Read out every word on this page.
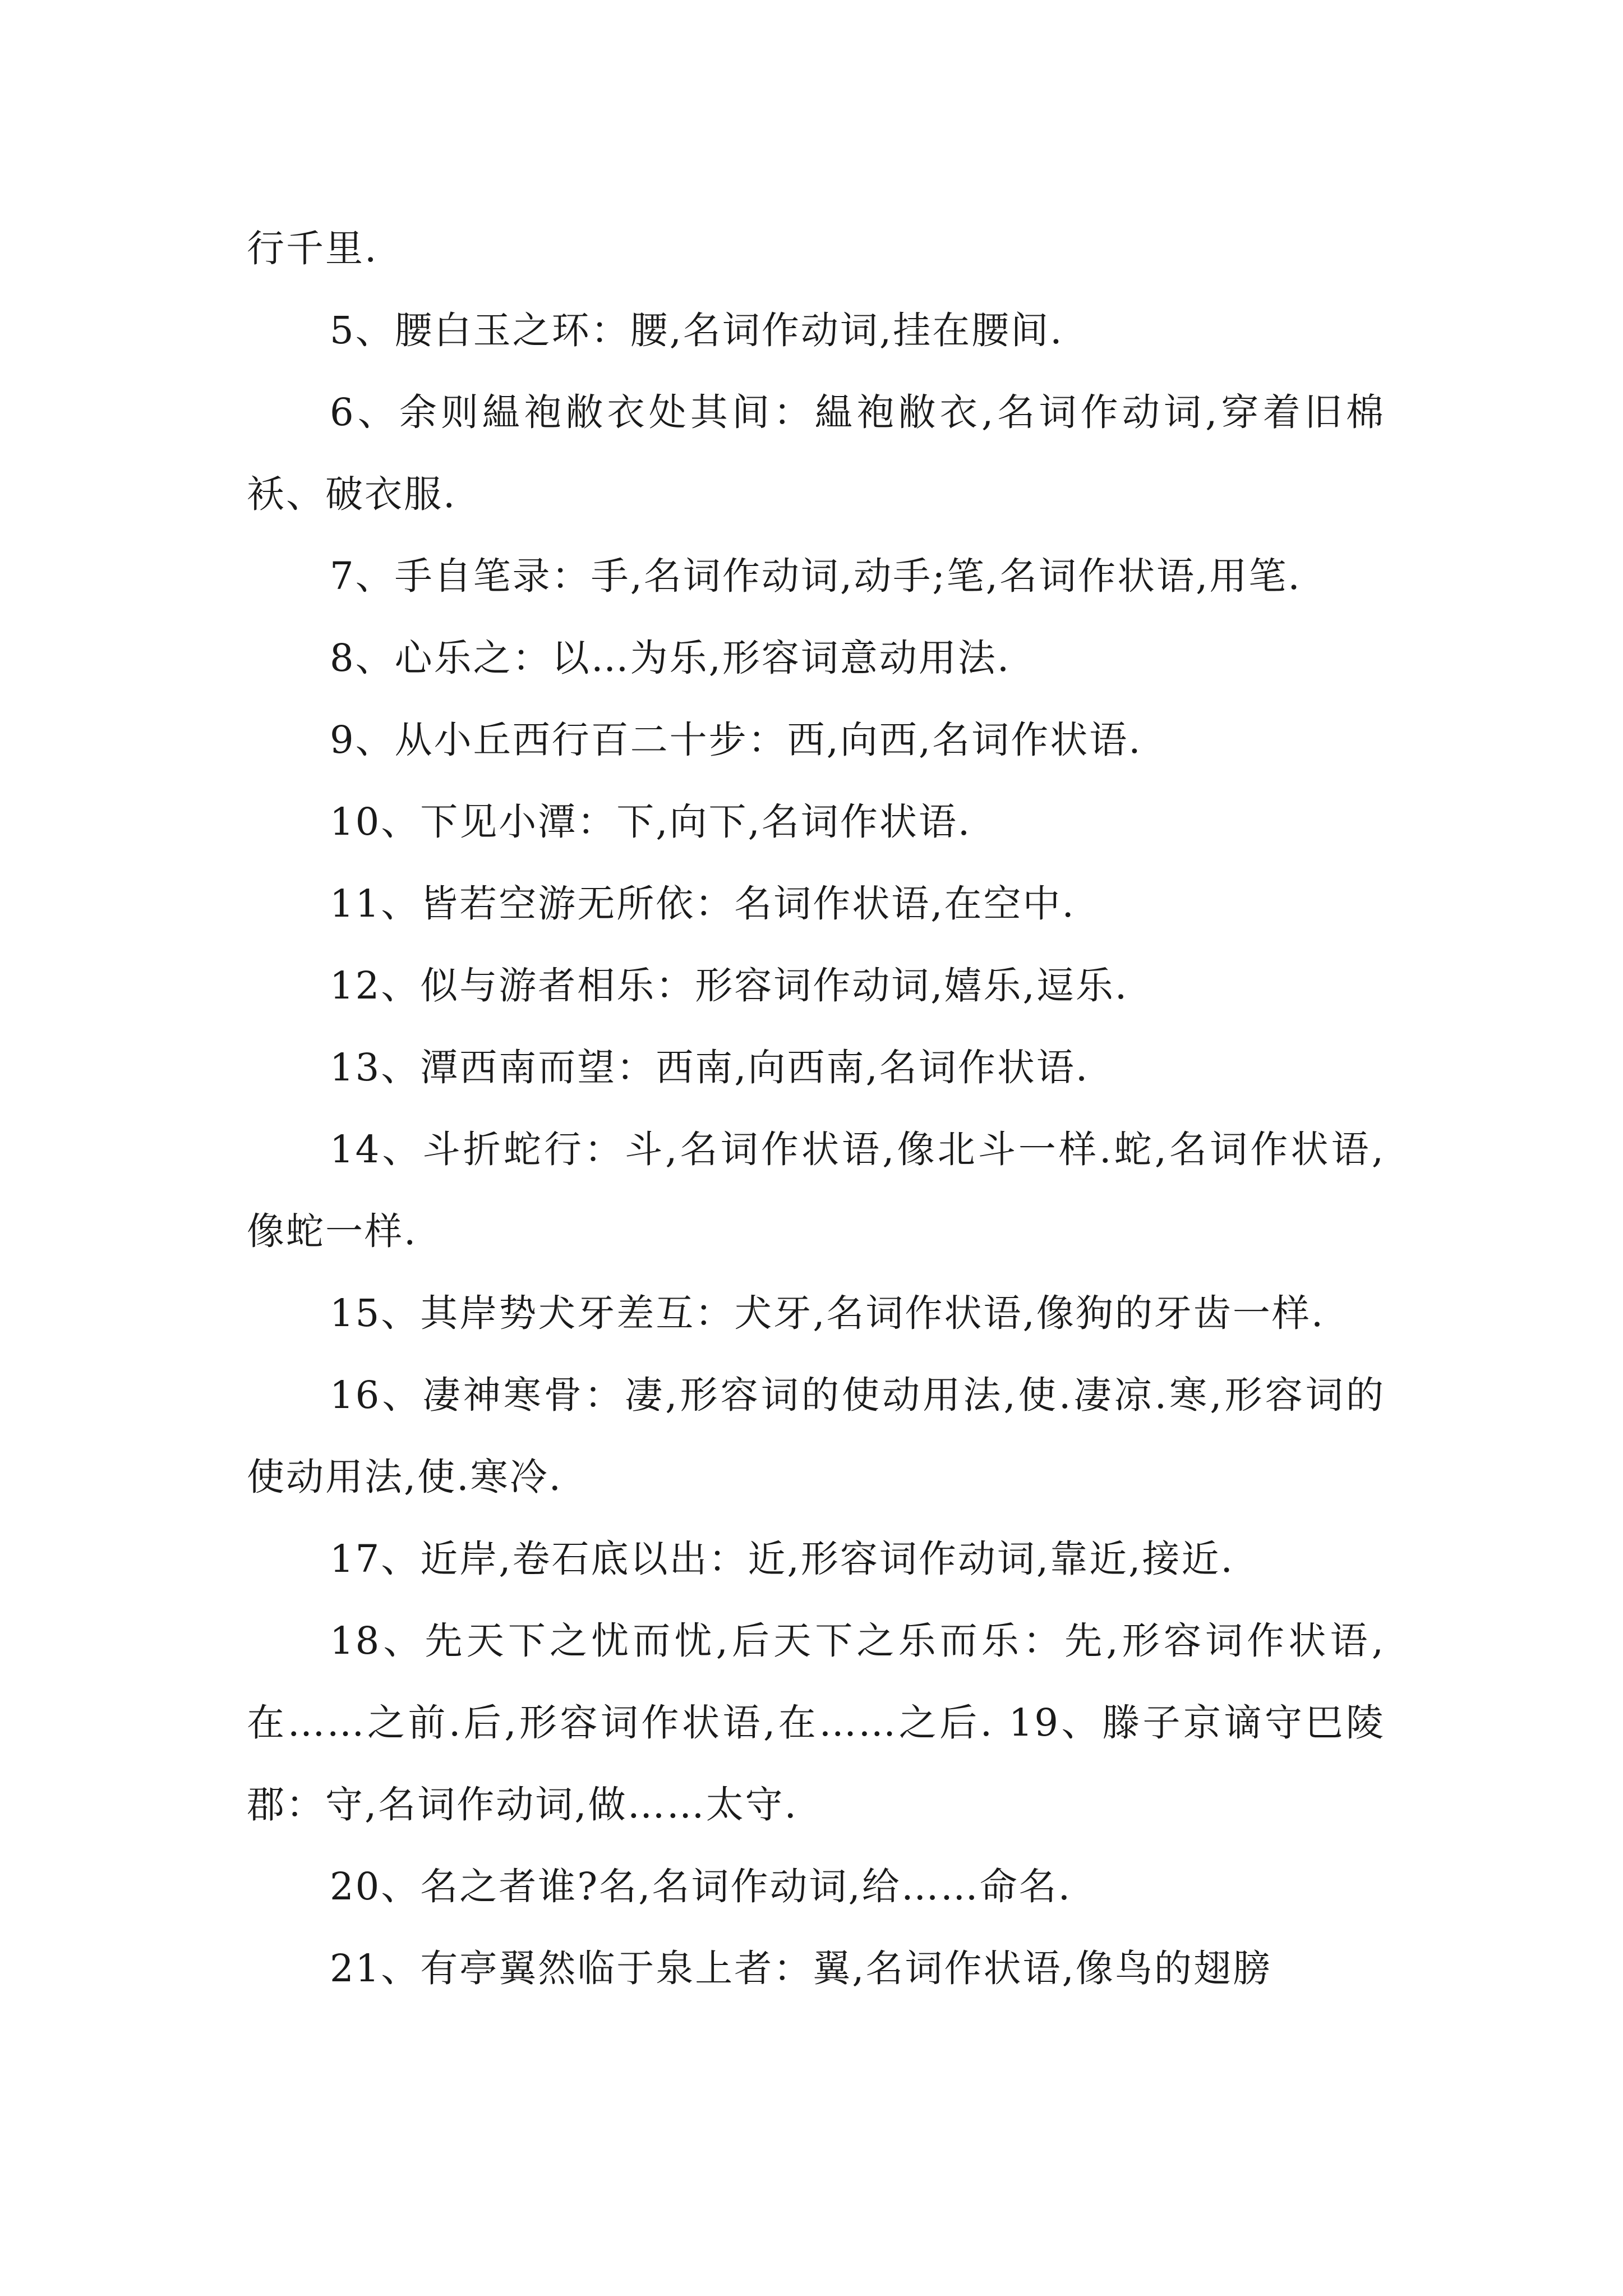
行千里.

5、腰白玉之环：腰,名词作动词,挂在腰间.

6、余则緼袍敝衣处其间：緼袍敝衣,名词作动词,穿着旧棉袄、破衣服.

7、手自笔录：手,名词作动词,动手;笔,名词作状语,用笔.

8、心乐之：以…为乐,形容词意动用法.

9、从小丘西行百二十步：西,向西,名词作状语.

10、下见小潭：下,向下,名词作状语.

11、皆若空游无所依：名词作状语,在空中.

12、似与游者相乐：形容词作动词,嬉乐,逗乐.

13、潭西南而望：西南,向西南,名词作状语.

14、斗折蛇行：斗,名词作状语,像北斗一样.蛇,名词作状语,像蛇一样.

15、其岸势犬牙差互：犬牙,名词作状语,像狗的牙齿一样.

16、凄神寒骨：凄,形容词的使动用法,使.凄凉.寒,形容词的使动用法,使.寒冷.

17、近岸,卷石底以出：近,形容词作动词,靠近,接近.

18、先天下之忧而忧,后天下之乐而乐：先,形容词作状语,在……之前.后,形容词作状语,在……之后. 19、滕子京谪守巴陵郡：守,名词作动词,做……太守.

20、名之者谁?名,名词作动词,给……命名.

21、有亭翼然临于泉上者：翼,名词作状语,像鸟的翅膀
